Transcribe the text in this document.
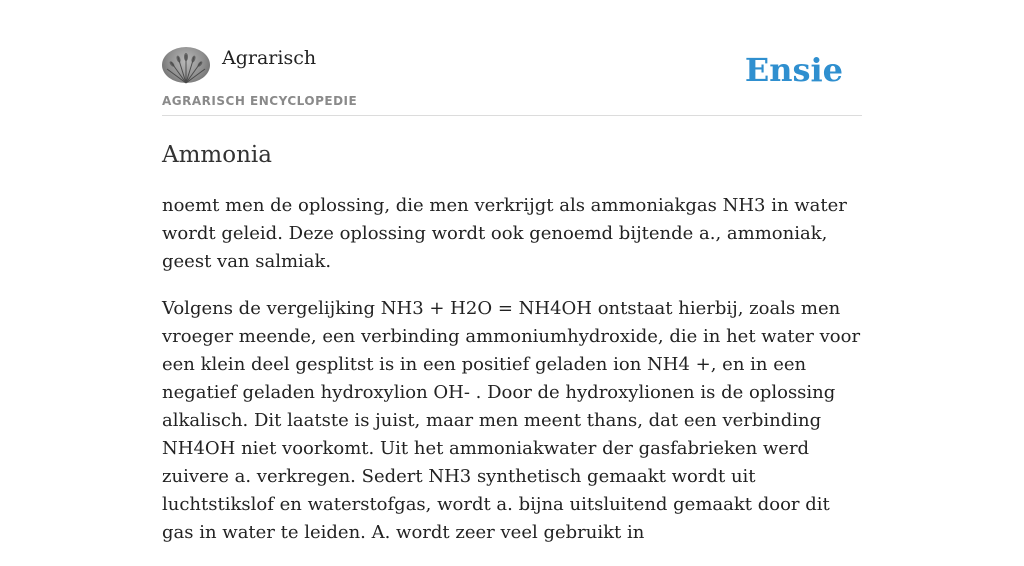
Agrarisch
AGRARISCH ENCYCLOPEDIE
Ensie
Ammonia

noemt men de oplossing, die men verkrijgt als ammoniakgas NH3 in water wordt geleid. Deze oplossing wordt ook genoemd bijtende a., ammoniak, geest van salmiak.

Volgens de vergelijking NH3 + H2O = NH4OH ontstaat hierbij, zoals men vroeger meende, een verbinding ammoniumhydroxide, die in het water voor een klein deel gesplitst is in een positief geladen ion NH4 +, en in een negatief geladen hydroxylion OH- . Door de hydroxylionen is de oplossing alkalisch. Dit laatste is juist, maar men meent thans, dat een verbinding NH4OH niet voorkomt. Uit het ammoniakwater der gasfabrieken werd zuivere a. verkregen. Sedert NH3 synthetisch gemaakt wordt uit luchtstikslof en waterstofgas, wordt a. bijna uitsluitend gemaakt door dit gas in water te leiden. A. wordt zeer veel gebruikt in
